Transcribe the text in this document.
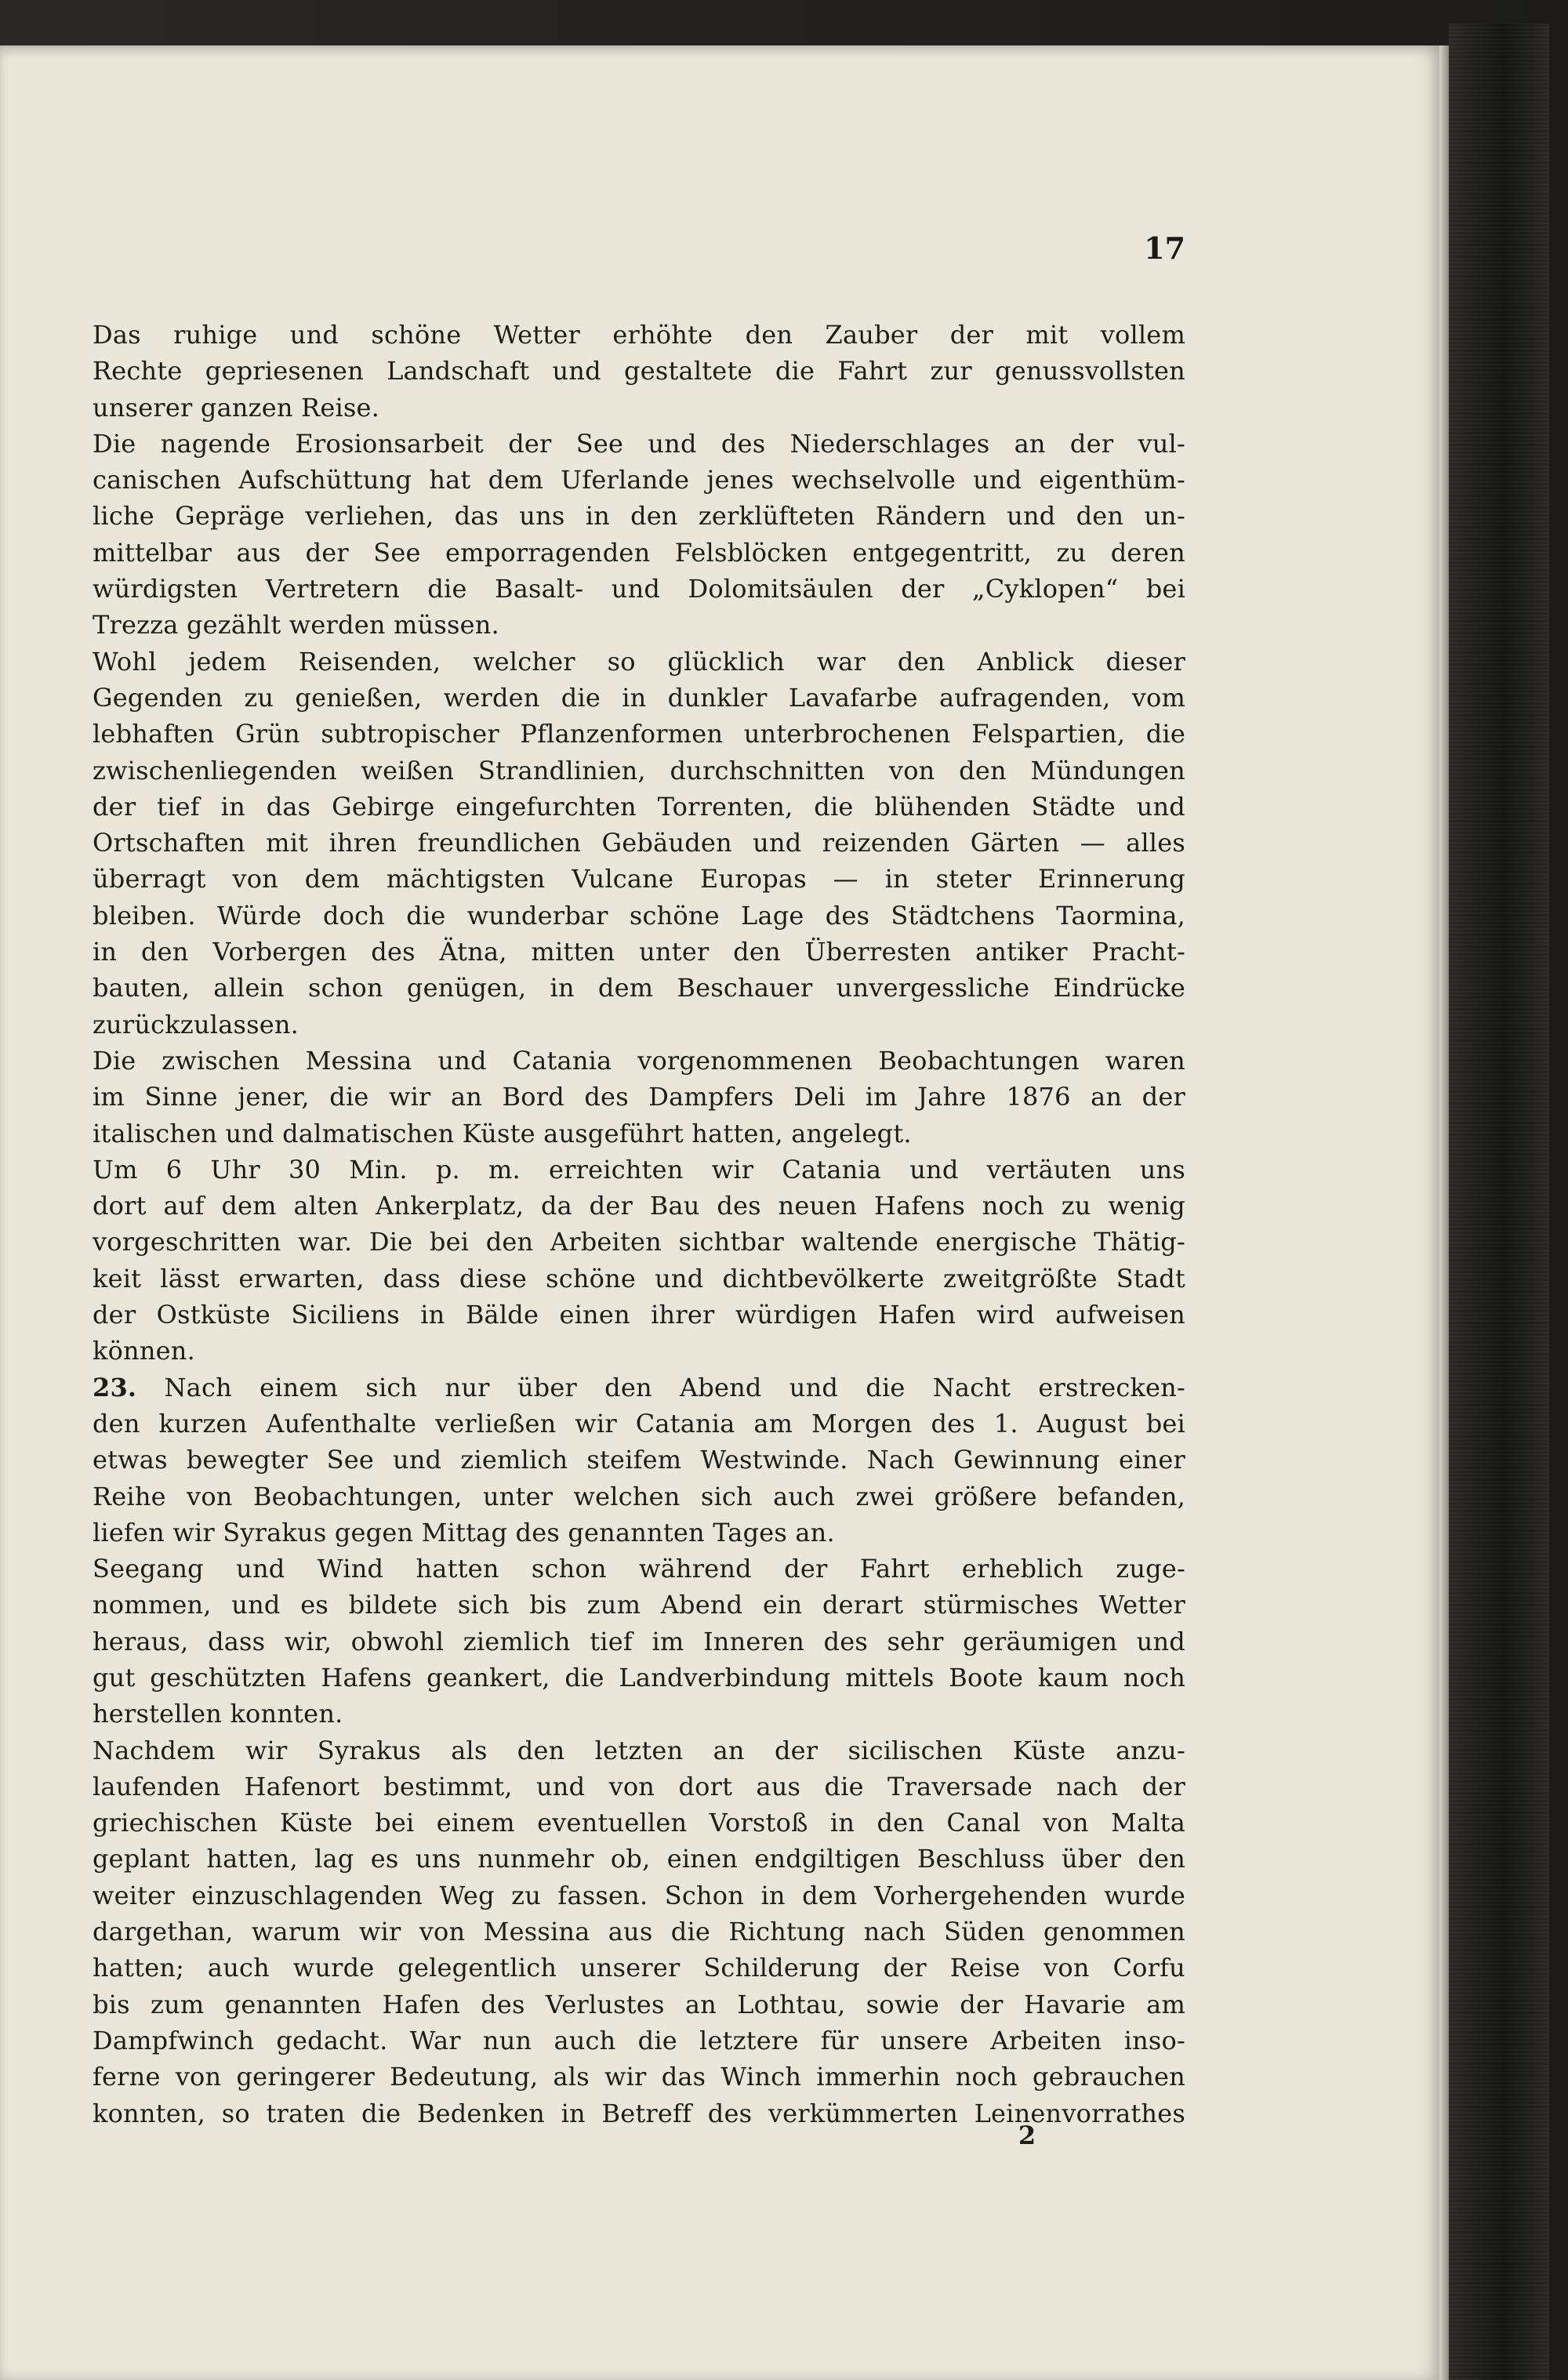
17
Das ruhige und schöne Wetter erhöhte den Zauber der mit vollem
Rechte gepriesenen Landschaft und gestaltete die Fahrt zur genussvollsten
unserer ganzen Reise.
Die nagende Erosionsarbeit der See und des Niederschlages an der vul-
canischen Aufschüttung hat dem Uferlande jenes wechselvolle und eigenthüm-
liche Gepräge verliehen, das uns in den zerklüfteten Rändern und den un-
mittelbar aus der See emporragenden Felsblöcken entgegentritt, zu deren
würdigsten Vertretern die Basalt- und Dolomitsäulen der „Cyklopen“ bei
Trezza gezählt werden müssen.
Wohl jedem Reisenden, welcher so glücklich war den Anblick dieser
Gegenden zu genießen, werden die in dunkler Lavafarbe aufragenden, vom
lebhaften Grün subtropischer Pflanzenformen unterbrochenen Felspartien, die
zwischenliegenden weißen Strandlinien, durchschnitten von den Mündungen
der tief in das Gebirge eingefurchten Torrenten, die blühenden Städte und
Ortschaften mit ihren freundlichen Gebäuden und reizenden Gärten — alles
überragt von dem mächtigsten Vulcane Europas — in steter Erinnerung
bleiben. Würde doch die wunderbar schöne Lage des Städtchens Taormina,
in den Vorbergen des Ätna, mitten unter den Überresten antiker Pracht-
bauten, allein schon genügen, in dem Beschauer unvergessliche Eindrücke
zurückzulassen.
Die zwischen Messina und Catania vorgenommenen Beobachtungen waren
im Sinne jener, die wir an Bord des Dampfers Deli im Jahre 1876 an der
italischen und dalmatischen Küste ausgeführt hatten, angelegt.
Um 6 Uhr 30 Min. p. m. erreichten wir Catania und vertäuten uns
dort auf dem alten Ankerplatz, da der Bau des neuen Hafens noch zu wenig
vorgeschritten war. Die bei den Arbeiten sichtbar waltende energische Thätig-
keit lässt erwarten, dass diese schöne und dichtbevölkerte zweitgrößte Stadt
der Ostküste Siciliens in Bälde einen ihrer würdigen Hafen wird aufweisen
können.
23. Nach einem sich nur über den Abend und die Nacht erstrecken-
den kurzen Aufenthalte verließen wir Catania am Morgen des 1. August bei
etwas bewegter See und ziemlich steifem Westwinde. Nach Gewinnung einer
Reihe von Beobachtungen, unter welchen sich auch zwei größere befanden,
liefen wir Syrakus gegen Mittag des genannten Tages an.
Seegang und Wind hatten schon während der Fahrt erheblich zuge-
nommen, und es bildete sich bis zum Abend ein derart stürmisches Wetter
heraus, dass wir, obwohl ziemlich tief im Inneren des sehr geräumigen und
gut geschützten Hafens geankert, die Landverbindung mittels Boote kaum noch
herstellen konnten.
Nachdem wir Syrakus als den letzten an der sicilischen Küste anzu-
laufenden Hafenort bestimmt, und von dort aus die Traversade nach der
griechischen Küste bei einem eventuellen Vorstoß in den Canal von Malta
geplant hatten, lag es uns nunmehr ob, einen endgiltigen Beschluss über den
weiter einzuschlagenden Weg zu fassen. Schon in dem Vorhergehenden wurde
dargethan, warum wir von Messina aus die Richtung nach Süden genommen
hatten; auch wurde gelegentlich unserer Schilderung der Reise von Corfu
bis zum genannten Hafen des Verlustes an Lothtau, sowie der Havarie am
Dampfwinch gedacht. War nun auch die letztere für unsere Arbeiten inso-
ferne von geringerer Bedeutung, als wir das Winch immerhin noch gebrauchen
konnten, so traten die Bedenken in Betreff des verkümmerten Leinenvorrathes
2
